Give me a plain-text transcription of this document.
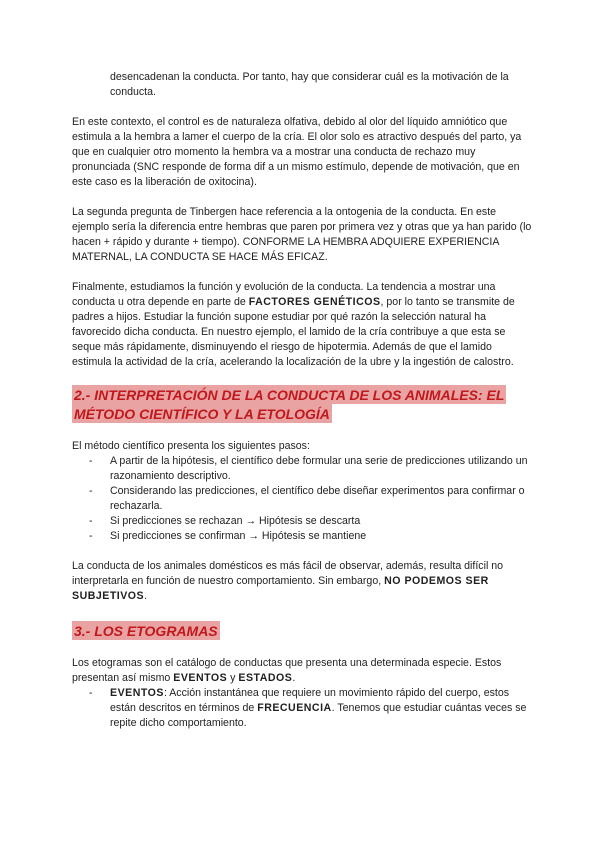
desencadenan la conducta. Por tanto, hay que considerar cuál es la motivación de la conducta.

En este contexto, el control es de naturaleza olfativa, debido al olor del líquido amniótico que estimula a la hembra a lamer el cuerpo de la cría. El olor solo es atractivo después del parto, ya que en cualquier otro momento la hembra va a mostrar una conducta de rechazo muy pronunciada (SNC responde de forma dif a un mismo estímulo, depende de motivación, que en este caso es la liberación de oxitocina).

La segunda pregunta de Tinbergen hace referencia a la ontogenia de la conducta. En este ejemplo sería la diferencia entre hembras que paren por primera vez y otras que ya han parido (lo hacen + rápido y durante + tiempo). CONFORME LA HEMBRA ADQUIERE EXPERIENCIA MATERNAL, LA CONDUCTA SE HACE MÁS EFICAZ.

Finalmente, estudiamos la función y evolución de la conducta. La tendencia a mostrar una conducta u otra depende en parte de FACTORES GENÉTICOS, por lo tanto se transmite de padres a hijos. Estudiar la función supone estudiar por qué razón la selección natural ha favorecido dicha conducta. En nuestro ejemplo, el lamido de la cría contribuye a que esta se seque más rápidamente, disminuyendo el riesgo de hipotermia. Además de que el lamido estimula la actividad de la cría, acelerando la localización de la ubre y la ingestión de calostro.

2.- INTERPRETACIÓN DE LA CONDUCTA DE LOS ANIMALES: EL
MÉTODO CIENTÍFICO Y LA ETOLOGÍA

El método científico presenta los siguientes pasos:

- A partir de la hipótesis, el científico debe formular una serie de predicciones utilizando un razonamiento descriptivo.
- Considerando las predicciones, el científico debe diseñar experimentos para confirmar o rechazarla.
- Si predicciones se rechazan → Hipótesis se descarta
- Si predicciones se confirman → Hipótesis se mantiene

La conducta de los animales domésticos es más fácil de observar, además, resulta difícil no interpretarla en función de nuestro comportamiento. Sin embargo, NO PODEMOS SER SUBJETIVOS.

3.- LOS ETOGRAMAS

Los etogramas son el catálogo de conductas que presenta una determinada especie. Estos presentan así mismo EVENTOS y ESTADOS.

- EVENTOS: Acción instantánea que requiere un movimiento rápido del cuerpo, estos están descritos en términos de FRECUENCIA. Tenemos que estudiar cuántas veces se repite dicho comportamiento.
